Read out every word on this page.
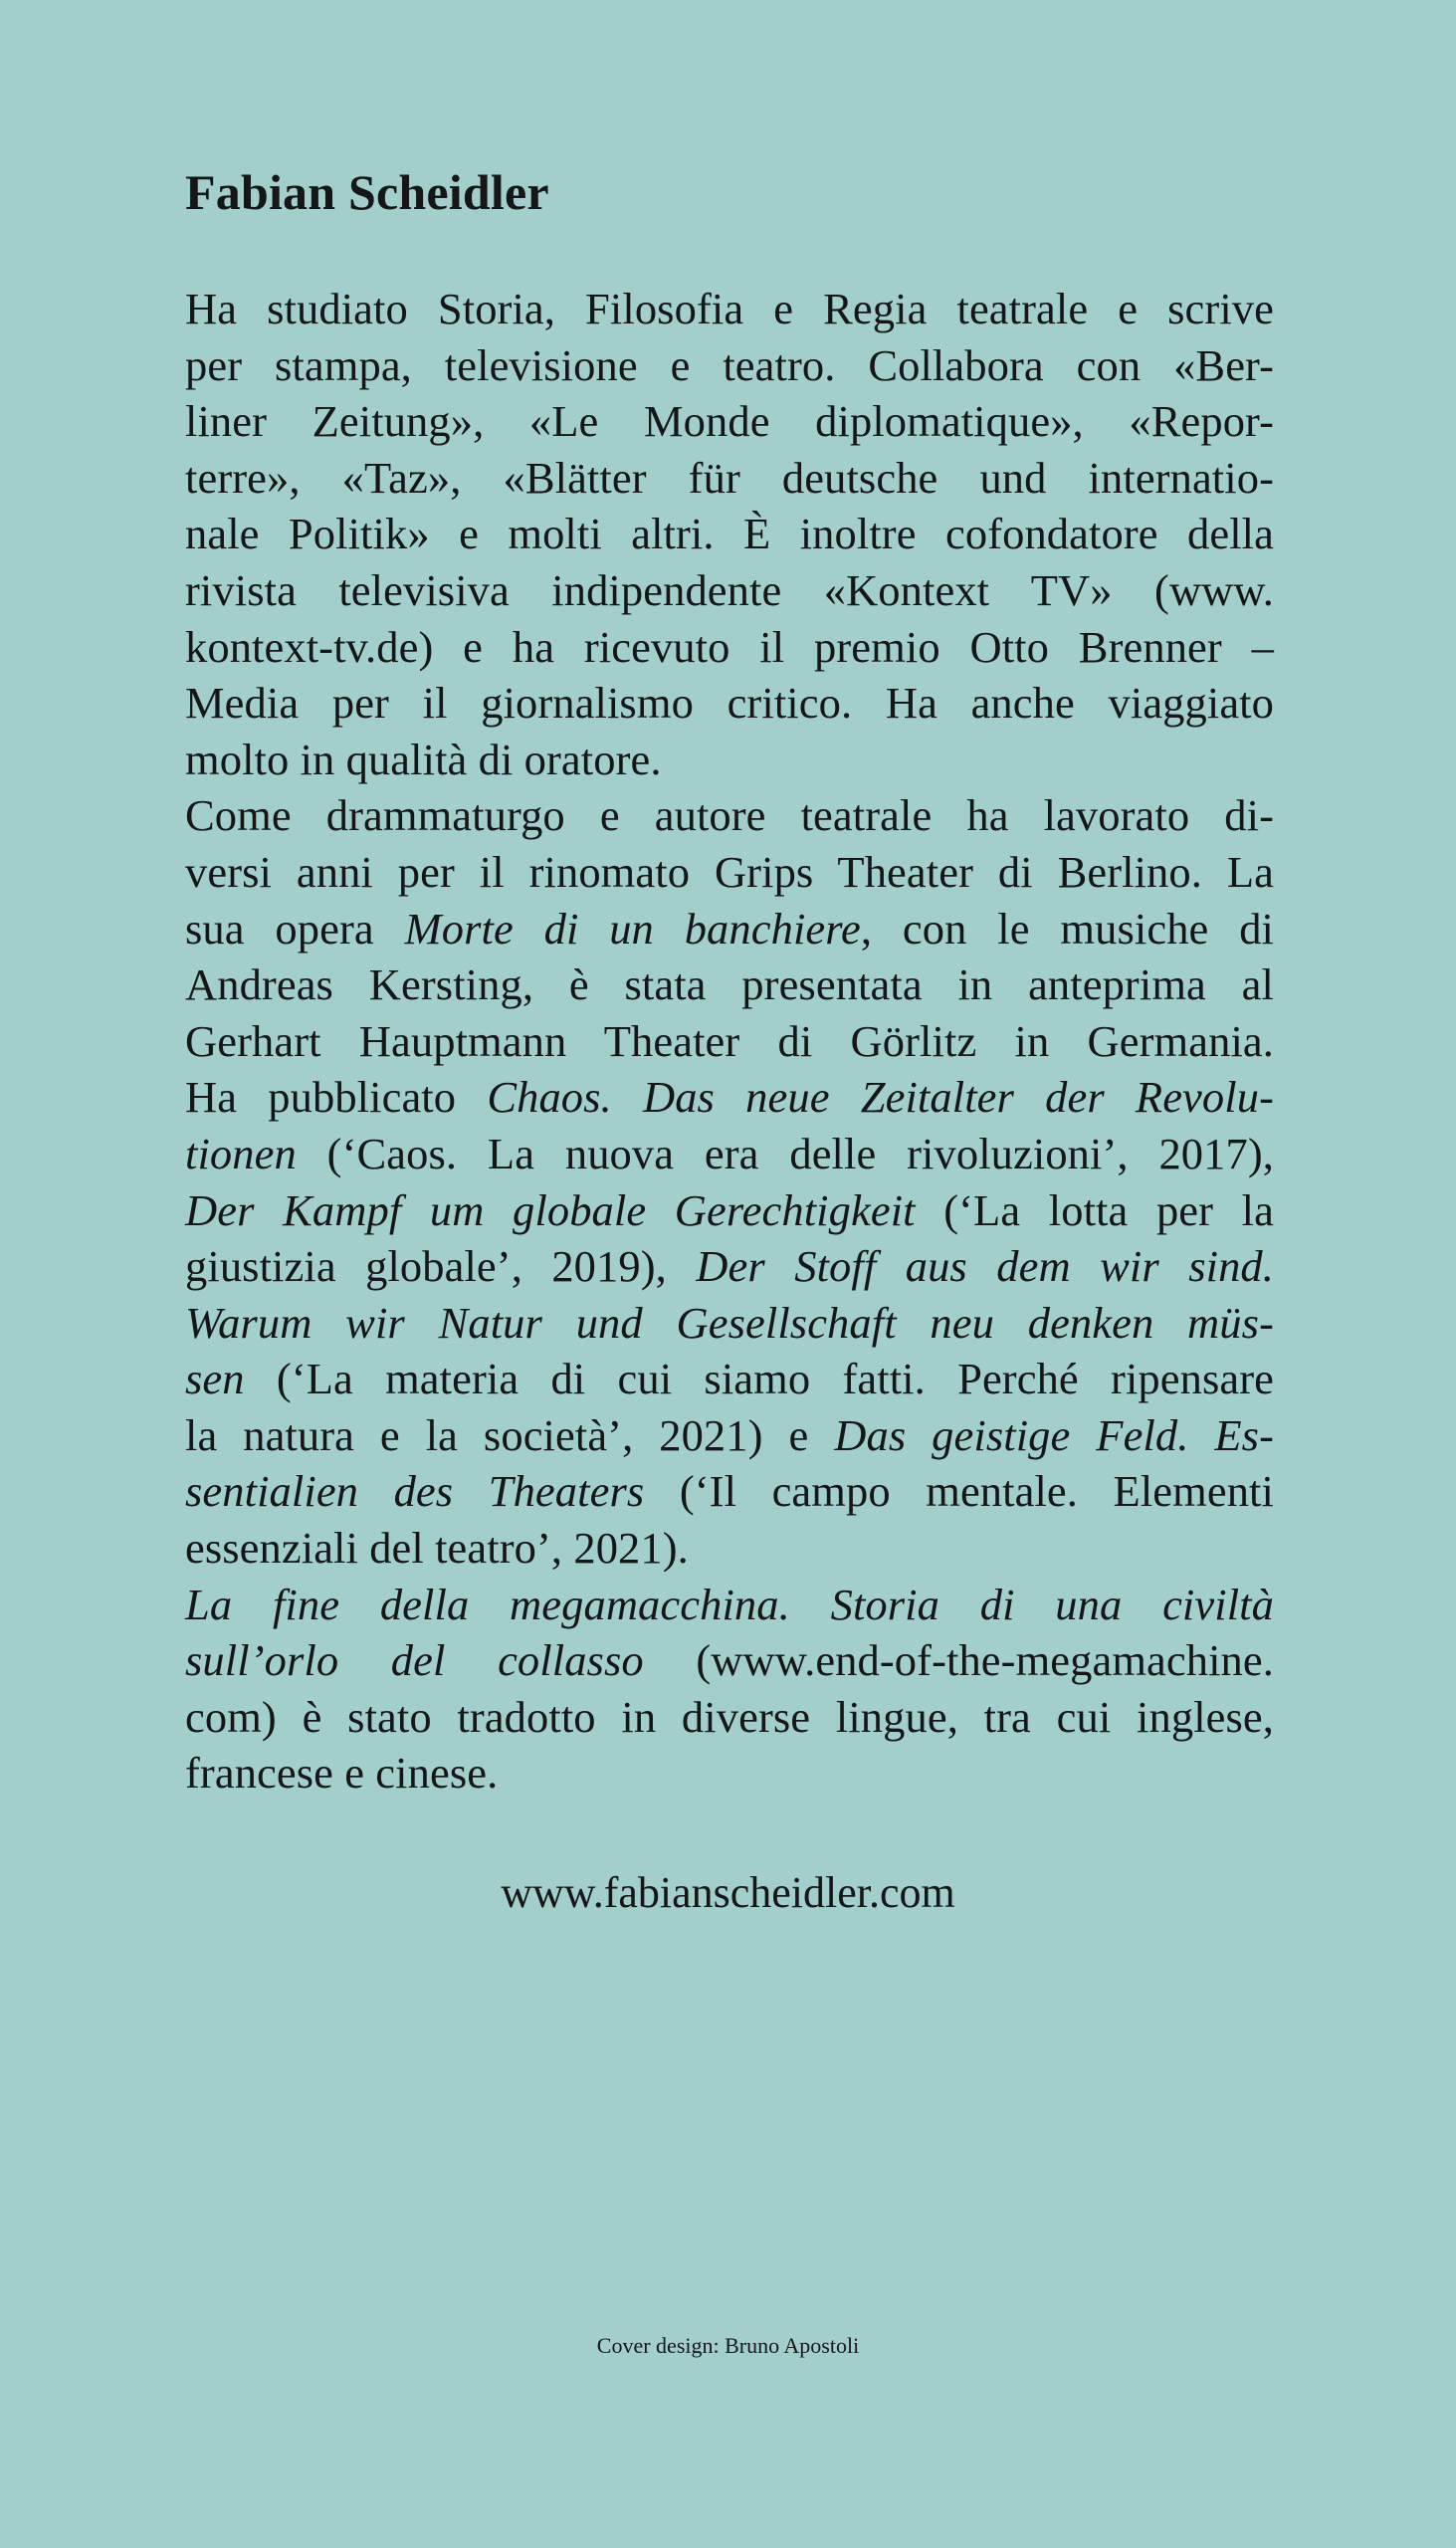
Fabian Scheidler
Ha studiato Storia, Filosofia e Regia teatrale e scrive
per stampa, televisione e teatro. Collabora con «Ber-
liner Zeitung», «Le Monde diplomatique», «Repor-
terre», «Taz», «Blätter für deutsche und internatio-
nale Politik» e molti altri. È inoltre cofondatore della
rivista televisiva indipendente «Kontext TV» (www.
kontext-tv.de) e ha ricevuto il premio Otto Brenner –
Media per il giornalismo critico. Ha anche viaggiato
molto in qualità di oratore.
Come drammaturgo e autore teatrale ha lavorato di-
versi anni per il rinomato Grips Theater di Berlino. La
sua opera Morte di un banchiere, con le musiche di
Andreas Kersting, è stata presentata in anteprima al
Gerhart Hauptmann Theater di Görlitz in Germania.
Ha pubblicato Chaos. Das neue Zeitalter der Revolu-
tionen (‘Caos. La nuova era delle rivoluzioni’, 2017),
Der Kampf um globale Gerechtigkeit (‘La lotta per la
giustizia globale’, 2019), Der Stoff aus dem wir sind.
Warum wir Natur und Gesellschaft neu denken müs-
sen (‘La materia di cui siamo fatti. Perché ripensare
la natura e la società’, 2021) e Das geistige Feld. Es-
sentialien des Theaters (‘Il campo mentale. Elementi
essenziali del teatro’, 2021).
La fine della megamacchina. Storia di una civiltà
sull’orlo del collasso (www.end-of-the-megamachine.
com) è stato tradotto in diverse lingue, tra cui inglese,
francese e cinese.
www.fabianscheidler.com
Cover design: Bruno Apostoli
